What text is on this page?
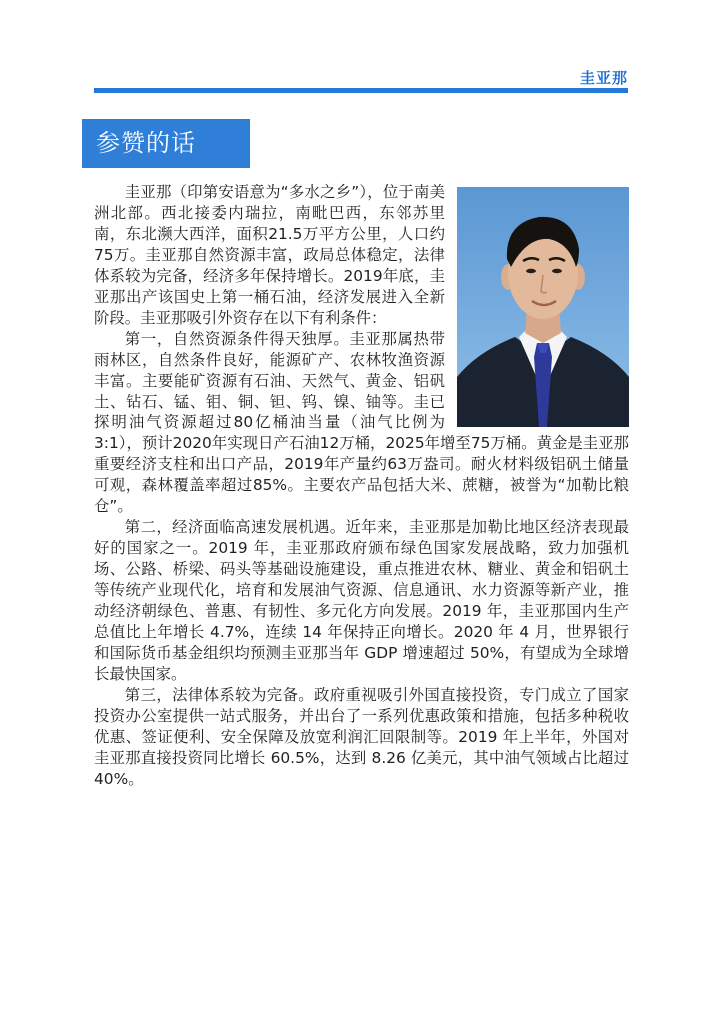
圭亚那
参赞的话

圭亚那（印第安语意为“多水之乡”），位于南美洲北部。西北接委内瑞拉，南毗巴西，东邻苏里南，东北濒大西洋，面积21.5万平方公里，人口约75万。圭亚那自然资源丰富，政局总体稳定，法律体系较为完备，经济多年保持增长。2019年底，圭亚那出产该国史上第一桶石油，经济发展进入全新阶段。圭亚那吸引外资存在以下有利条件：

第一，自然资源条件得天独厚。圭亚那属热带雨林区，自然条件良好，能源矿产、农林牧渔资源丰富。主要能矿资源有石油、天然气、黄金、铝矾土、钻石、锰、钼、铜、钽、钨、镍、铀等。圭已探明油气资源超过80亿桶油当量（油气比例为3:1），预计2020年实现日产石油12万桶，2025年增至75万桶。黄金是圭亚那重要经济支柱和出口产品，2019年产量约63万盎司。耐火材料级铝矾土储量可观，森林覆盖率超过85%。主要农产品包括大米、蔗糖，被誉为“加勒比粮仓”。

第二，经济面临高速发展机遇。近年来，圭亚那是加勒比地区经济表现最好的国家之一。2019 年，圭亚那政府颁布绿色国家发展战略，致力加强机场、公路、桥梁、码头等基础设施建设，重点推进农林、糖业、黄金和铝矾土等传统产业现代化，培育和发展油气资源、信息通讯、水力资源等新产业，推动经济朝绿色、普惠、有韧性、多元化方向发展。2019 年，圭亚那国内生产总值比上年增长 4.7%，连续 14 年保持正向增长。2020 年 4 月，世界银行和国际货币基金组织均预测圭亚那当年 GDP 增速超过 50%，有望成为全球增长最快国家。

第三，法律体系较为完备。政府重视吸引外国直接投资，专门成立了国家投资办公室提供一站式服务，并出台了一系列优惠政策和措施，包括多种税收优惠、签证便利、安全保障及放宽利润汇回限制等。2019 年上半年，外国对圭亚那直接投资同比增长 60.5%，达到 8.26 亿美元，其中油气领域占比超过 40%。
